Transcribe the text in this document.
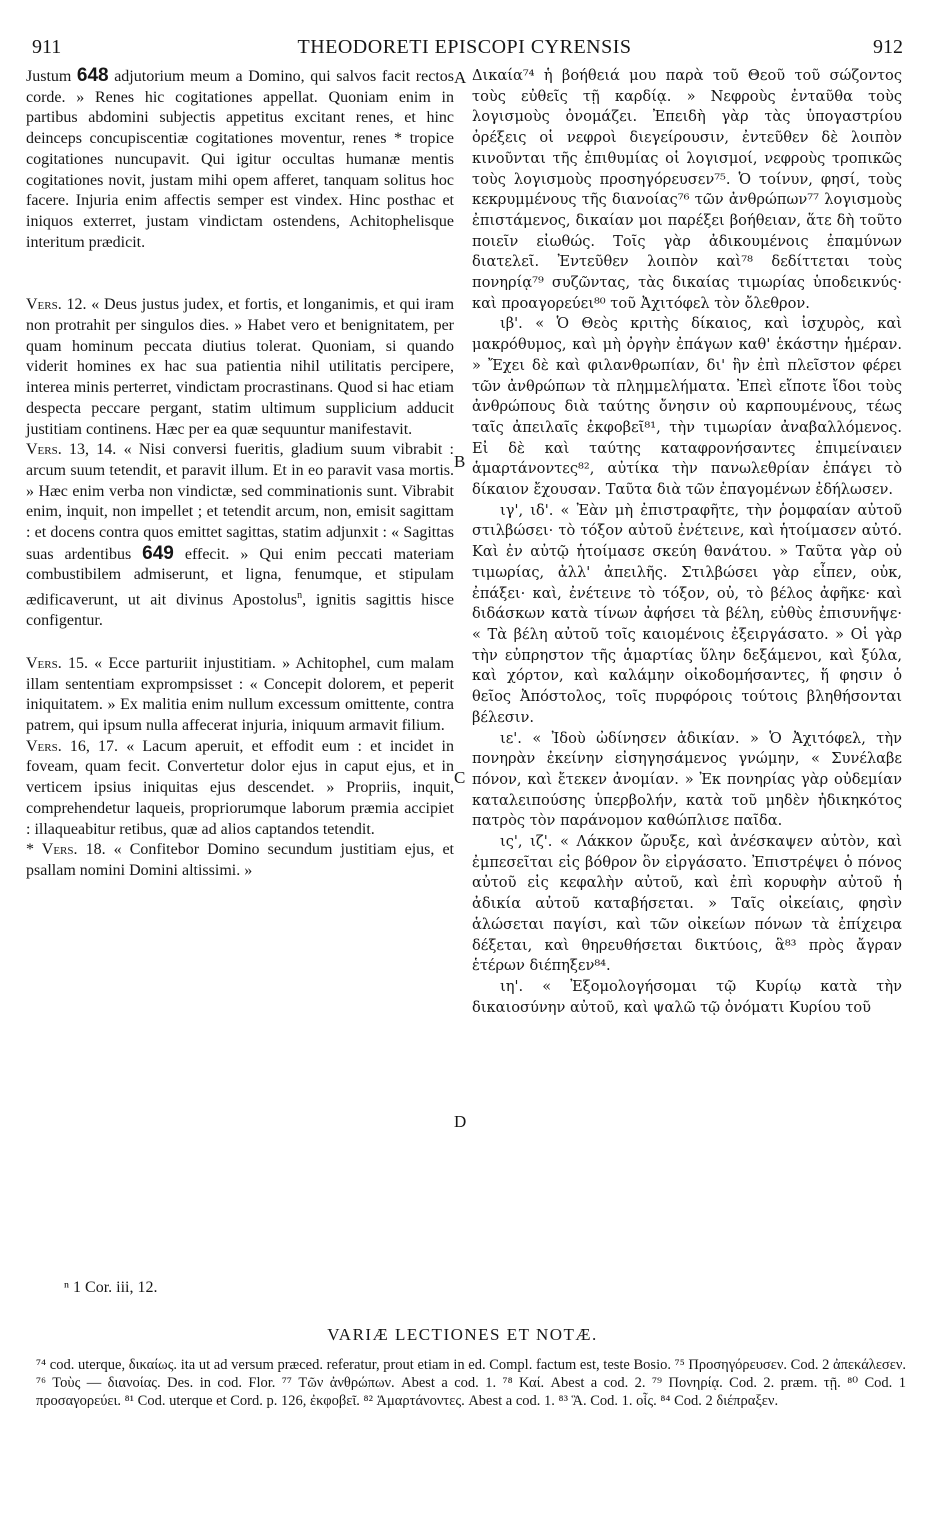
911	THEODORETI EPISCOPI CYRENSIS	912
A
B
C
D

Justum 648 adjutorium meum a Domino, qui salvos facit rectos corde. » Renes hic cogitationes appellat. Quoniam enim in partibus abdomini subjectis appetitus excitant renes, et hinc deinceps concupiscentiæ cogitationes moventur, renes * tropice cogitationes nuncupavit. Qui igitur occultas humanæ mentis cogitationes novit, justam mihi opem afferet, tanquam solitus hoc facere. Injuria enim affectis semper est vindex. Hinc posthac et iniquos exterret, justam vindictam ostendens, Achitophelisque interitum prædicit.

Vers. 12. « Deus justus judex, et fortis, et longanimis, et qui iram non protrahit per singulos dies. » Habet vero et benignitatem, per quam hominum peccata diutius tolerat. Quoniam, si quando viderit homines ex hac sua patientia nihil utilitatis percipere, interea minis perterret, vindictam procrastinans. Quod si hac etiam despecta peccare pergant, statim ultimum supplicium adducit justitiam continens. Hæc per ea quæ sequuntur manifestavit.

Vers. 13, 14. « Nisi conversi fueritis, gladium suum vibrabit : arcum suum tetendit, et paravit illum. Et in eo paravit vasa mortis. » Hæc enim verba non vindictæ, sed comminationis sunt. Vibrabit enim, inquit, non impellet ; et tetendit arcum, non, emisit sagittam : et docens contra quos emittet sagittas, statim adjunxit : « Sagittas suas ardentibus 649 effecit. » Qui enim peccati materiam combustibilem admiserunt, et ligna, fenumque, et stipulam ædificaverunt, ut ait divinus Apostolus$^n$, ignitis sagittis hisce configentur.

Vers. 15. « Ecce parturiit injustitiam. » Achitophel, cum malam illam sententiam exprompsisset : « Concepit dolorem, et peperit iniquitatem. » Ex malitia enim nullum excessum omittente, contra patrem, qui ipsum nulla affecerat injuria, iniquum armavit filium.

Vers. 16, 17. « Lacum aperuit, et effodit eum : et incidet in foveam, quam fecit. Convertetur dolor ejus in caput ejus, et in verticem ipsius iniquitas ejus descendet. » Propriis, inquit, comprehendetur laqueis, propriorumque laborum præmia accipiet : illaqueabitur retibus, quæ ad alios captandos tetendit.

* Vers. 18. « Confitebor Domino secundum justitiam ejus, et psallam nomini Domini altissimi. »

Δικαία⁷⁴ ἡ βοήθειά μου παρὰ τοῦ Θεοῦ τοῦ σώζοντος τοὺς εὐθεῖς τῇ καρδίᾳ. » Νεφροὺς ἐνταῦθα τοὺς λογισμοὺς ὀνομάζει. Ἐπειδὴ γὰρ τὰς ὑπογαστρίου ὀρέξεις οἱ νεφροὶ διεγείρουσιν, ἐντεῦθεν δὲ λοιπὸν κινοῦνται τῆς ἐπιθυμίας οἱ λογισμοί, νεφροὺς τροπικῶς τοὺς λογισμοὺς προσηγόρευσεν⁷⁵. Ὁ τοίνυν, φησί, τοὺς κεκρυμμένους τῆς διανοίας⁷⁶ τῶν ἀνθρώπων⁷⁷ λογισμοὺς ἐπιστάμενος, δικαίαν μοι παρέξει βοήθειαν, ἅτε δὴ τοῦτο ποιεῖν εἰωθώς. Τοῖς γὰρ ἀδικουμένοις ἐπαμύνων διατελεῖ. Ἐντεῦθεν λοιπὸν καὶ⁷⁸ δεδίττεται τοὺς πονηρίᾳ⁷⁹ συζῶντας, τὰς δικαίας τιμωρίας ὑποδεικνύς· καὶ προαγορεύει⁸⁰ τοῦ Ἀχιτόφελ τὸν ὄλεθρον.

ιβ'. « Ὁ Θεὸς κριτὴς δίκαιος, καὶ ἰσχυρὸς, καὶ μακρόθυμος, καὶ μὴ ὀργὴν ἐπάγων καθ' ἑκάστην ἡμέραν. » Ἔχει δὲ καὶ φιλανθρωπίαν, δι' ἣν ἐπὶ πλεῖστον φέρει τῶν ἀνθρώπων τὰ πλημμελήματα. Ἐπεὶ εἴποτε ἴδοι τοὺς ἀνθρώπους διὰ ταύτης ὄνησιν οὐ καρπουμένους, τέως ταῖς ἀπειλαῖς ἐκφοβεῖ⁸¹, τὴν τιμωρίαν ἀναβαλλόμενος. Εἰ δὲ καὶ ταύτης καταφρονήσαντες ἐπιμείναιεν ἁμαρτάνοντες⁸², αὐτίκα τὴν πανωλεθρίαν ἐπάγει τὸ δίκαιον ἔχουσαν. Ταῦτα διὰ τῶν ἐπαγομένων ἐδήλωσεν.

ιγ', ιδ'. « Ἐὰν μὴ ἐπιστραφῆτε, τὴν ῥομφαίαν αὐτοῦ στιλβώσει· τὸ τόξον αὐτοῦ ἐνέτεινε, καὶ ἡτοίμασεν αὐτό. Καὶ ἐν αὐτῷ ἡτοίμασε σκεύη θανάτου. » Ταῦτα γὰρ οὐ τιμωρίας, ἀλλ' ἀπειλῆς. Στιλβώσει γὰρ εἶπεν, οὐκ, ἐπάξει· καὶ, ἐνέτεινε τὸ τόξον, οὐ, τὸ βέλος ἀφῆκε· καὶ διδάσκων κατὰ τίνων ἀφήσει τὰ βέλη, εὐθὺς ἐπισυνῆψε· « Τὰ βέλη αὐτοῦ τοῖς καιομένοις ἐξειργάσατο. » Οἱ γὰρ τὴν εὐπρηστον τῆς ἁμαρτίας ὕλην δεξάμενοι, καὶ ξύλα, καὶ χόρτον, καὶ καλάμην οἰκοδομήσαντες, ἥ φησιν ὁ θεῖος Ἀπόστολος, τοῖς πυρφόροις τούτοις βληθήσονται βέλεσιν.

ιε'. « Ἰδοὺ ὠδίνησεν ἀδικίαν. » Ὁ Ἀχιτόφελ, τὴν πονηρὰν ἐκείνην εἰσηγησάμενος γνώμην, « Συνέλαβε πόνον, καὶ ἔτεκεν ἀνομίαν. » Ἐκ πονηρίας γὰρ οὐδεμίαν καταλειπούσης ὑπερβολήν, κατὰ τοῦ μηδὲν ἠδικηκότος πατρὸς τὸν παράνομον καθώπλισε παῖδα.

ις', ιζ'. « Λάκκον ὤρυξε, καὶ ἀνέσκαψεν αὐτὸν, καὶ ἐμπεσεῖται εἰς βόθρον ὃν εἰργάσατο. Ἐπιστρέψει ὁ πόνος αὐτοῦ εἰς κεφαλὴν αὐτοῦ, καὶ ἐπὶ κορυφὴν αὐτοῦ ἡ ἀδικία αὐτοῦ καταβήσεται. » Ταῖς οἰκείαις, φησὶν ἁλώσεται παγίσι, καὶ τῶν οἰκείων πόνων τὰ ἐπίχειρα δέξεται, καὶ θηρευθήσεται δικτύοις, ἃ⁸³ πρὸς ἄγραν ἑτέρων διέπηξεν⁸⁴.

ιη'. « Ἐξομολογήσομαι τῷ Κυρίῳ κατὰ τὴν δικαιοσύνην αὐτοῦ, καὶ ψαλῶ τῷ ὀνόματι Κυρίου τοῦ

ⁿ 1 Cor. iii, 12.
VARIÆ LECTIONES ET NOTÆ.

⁷⁴ cod. uterque, δικαίως. ita ut ad versum præced. referatur, prout etiam in ed. Compl. factum est, teste Bosio. ⁷⁵ Προσηγόρευσεν. Cod. 2 ἀπεκάλεσεν. ⁷⁶ Τοὺς — διανοίας. Des. in cod. Flor. ⁷⁷ Τῶν ἀνθρώπων. Abest a cod. 1. ⁷⁸ Καί. Abest a cod. 2. ⁷⁹ Πονηρίᾳ. Cod. 2. præm. τῇ. ⁸⁰ Cod. 1 προσαγορεύει. ⁸¹ Cod. uterque et Cord. p. 126, ἐκφοβεῖ. ⁸² Ἁμαρτάνοντες. Abest a cod. 1. ⁸³ Ἃ. Cod. 1. οἷς. ⁸⁴ Cod. 2 διέπραξεν.
